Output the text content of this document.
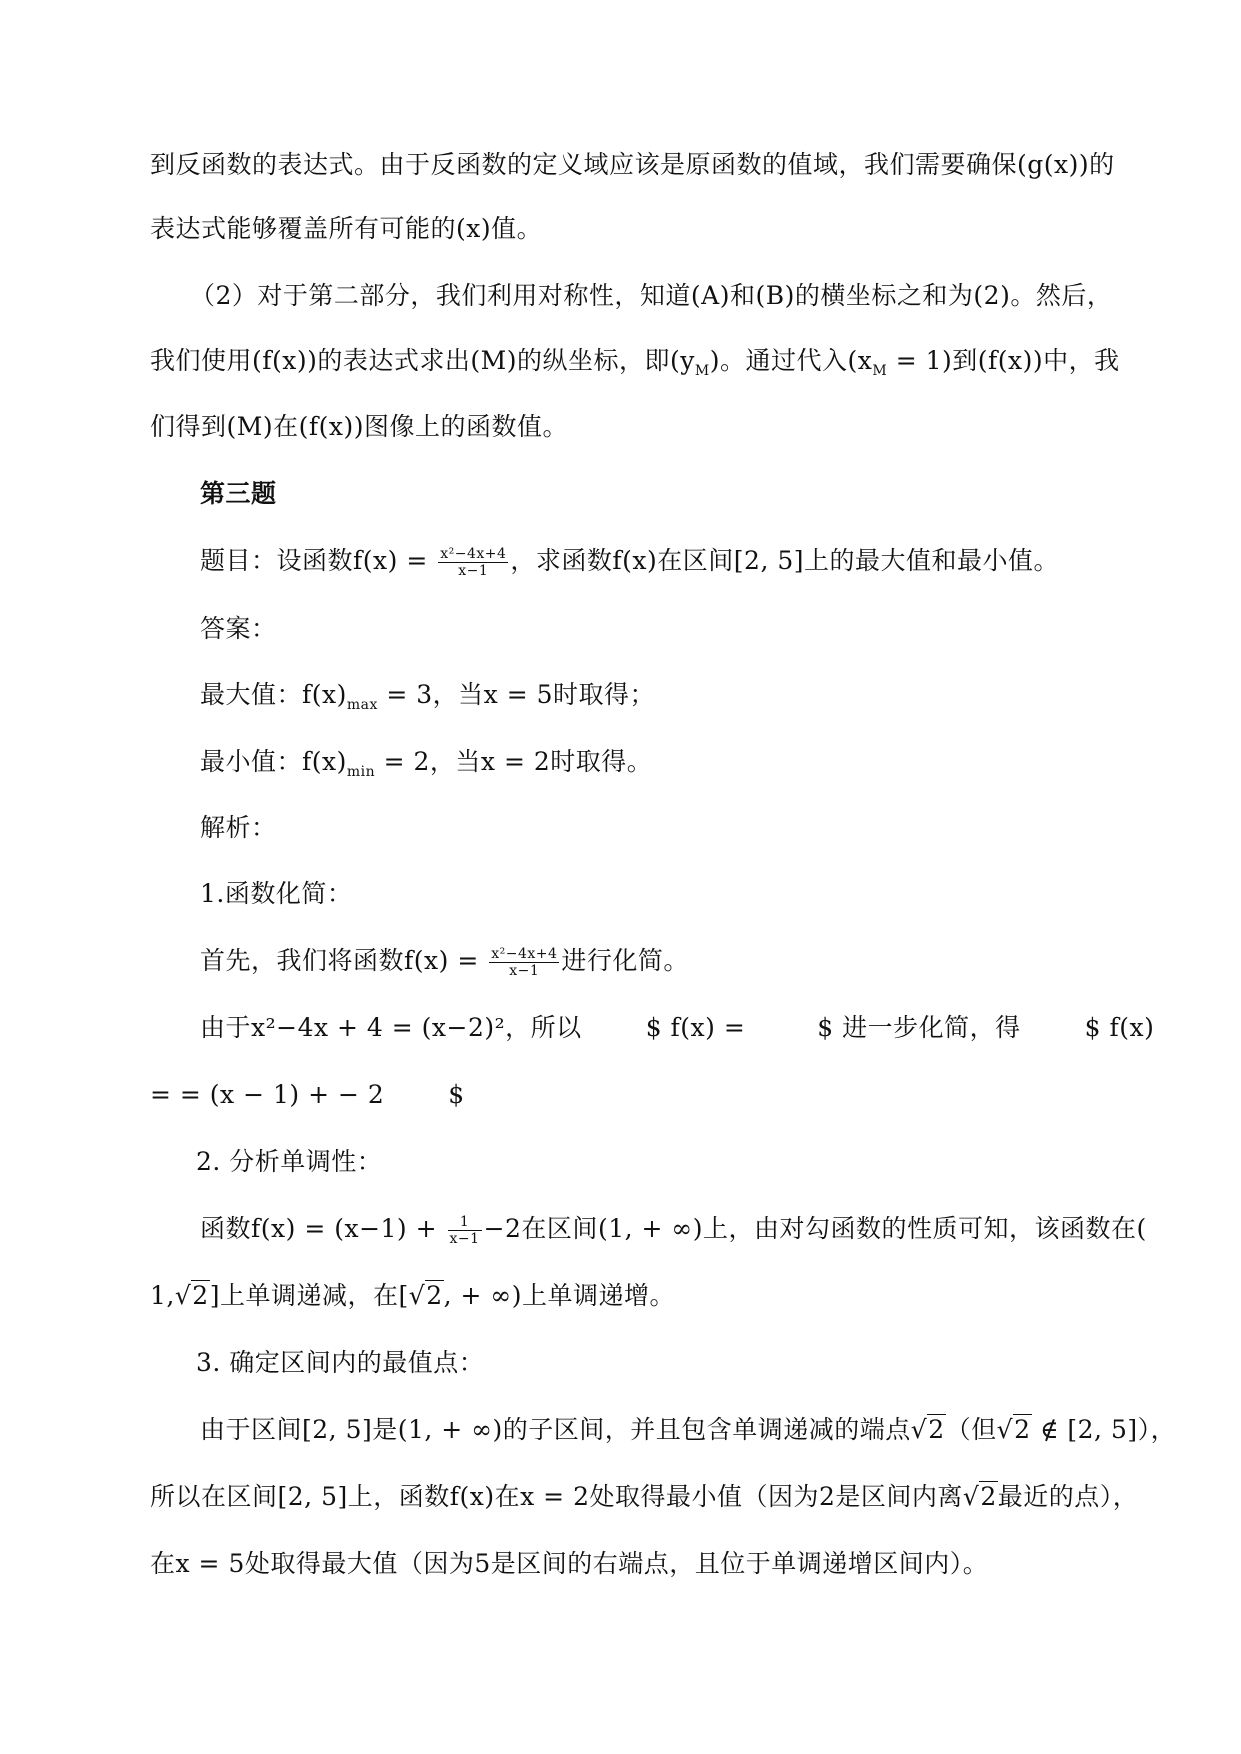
到反函数的表达式。由于反函数的定义域应该是原函数的值域，我们需要确保(g(x))的
表达式能够覆盖所有可能的(x)值。
（2）对于第二部分，我们利用对称性，知道(A)和(B)的横坐标之和为(2)。然后，
我们使用(f(x))的表达式求出(M)的纵坐标，即$(y_M)$。通过代入$(x_M = 1)$到(f(x))中，我
们得到(M)在(f(x))图像上的函数值。
第三题
题目：设函数$f(x) = \frac{\text{x²−4x+4}}{x-1}$ ，求函数f(x)在区间[2, 5]上的最大值和最小值。
答案：
最大值：$f(x)_{max} = 3$，当x = 5时取得；
最小值：$f(x)_{min} = 2$，当x = 2时取得。
解析：
1.函数化简：
首先，我们将函数$f(x) = \frac{\text{x²−4x+4}}{x-1}$ 进行化简。
由于x²−4x + 4 = (x−2)²，所以	$ f(x) =	$ 进一步化简，得	$ f(x)
= = (x − 1) + − 2	$
2. 分析单调性：
函数$f(x) = (x-1) + \frac{1}{x-1} -2$在区间(1, + ∞)上，由对勾函数的性质可知，该函数在(
1,√2]上单调递减，在[√2, + ∞)上单调递增。
3. 确定区间内的最值点：
由于区间[2, 5]是(1, + ∞)的子区间，并且包含单调递减的端点√2（但√2 ∉ [2, 5]），
所以在区间[2, 5]上，函数f(x)在x = 2处取得最小值（因为2是区间内离√2最近的点），
在x = 5处取得最大值（因为5是区间的右端点，且位于单调递增区间内）。
